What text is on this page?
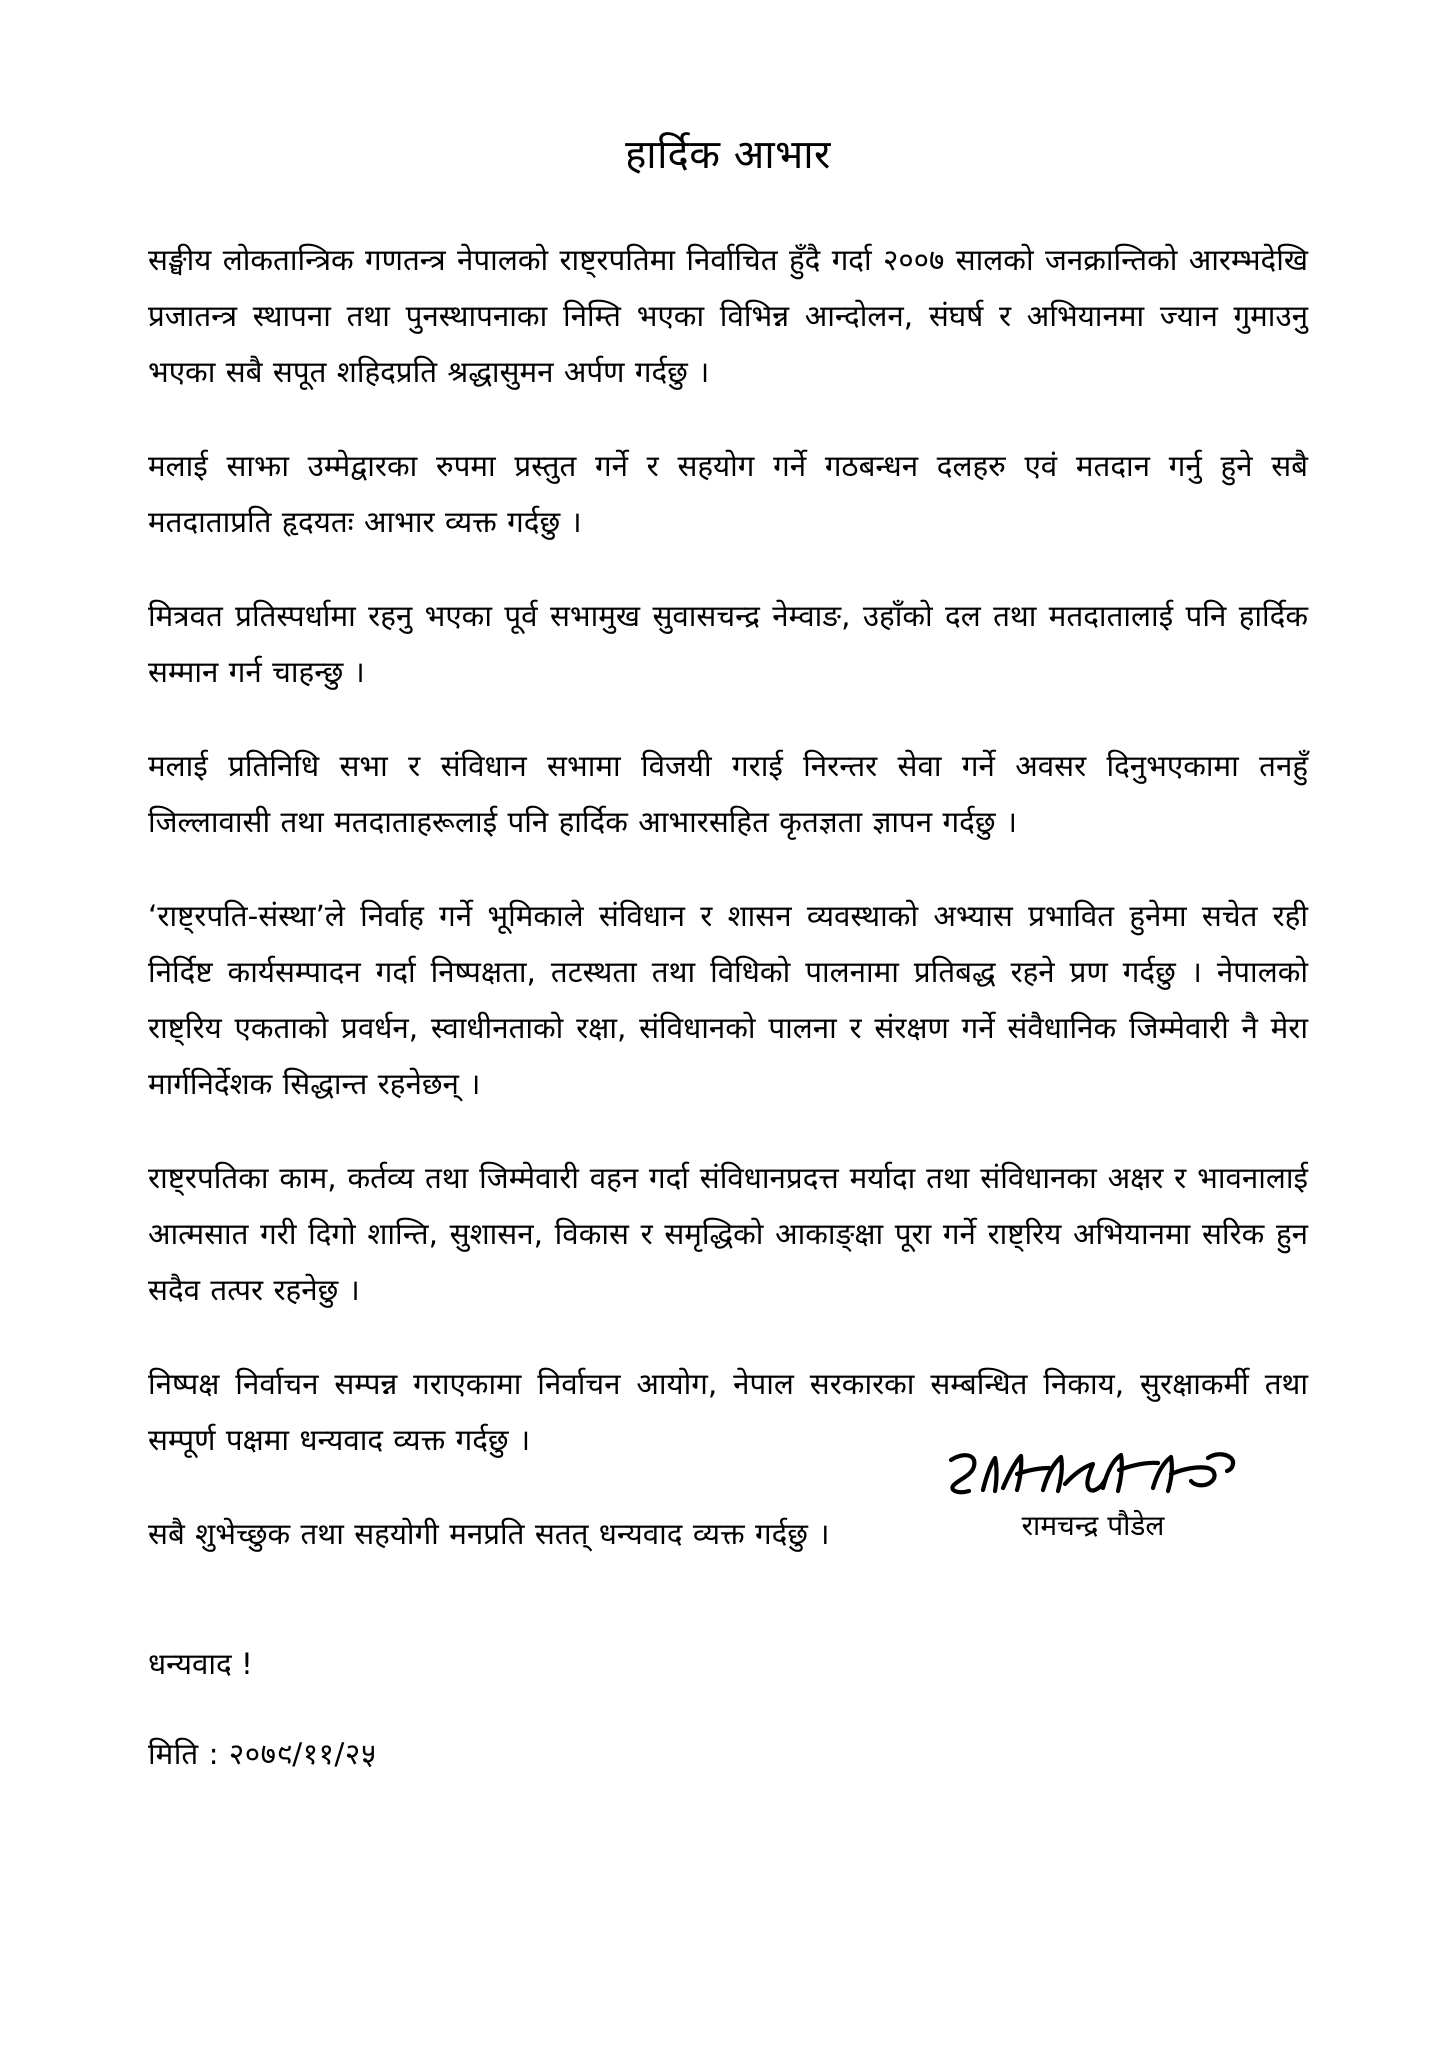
हार्दिक आभार

सङ्घीय लोकतान्त्रिक गणतन्त्र नेपालको राष्ट्रपतिमा निर्वाचित हुँदै गर्दा २००७ सालको जनक्रान्तिको आरम्भदेखि प्रजातन्त्र स्थापना तथा पुनस्थापनाका निम्ति भएका विभिन्न आन्दोलन, संघर्ष र अभियानमा ज्यान गुमाउनु भएका सबै सपूत शहिदप्रति श्रद्धासुमन अर्पण गर्दछु ।

मलाई साझा उम्मेद्वारका रुपमा प्रस्तुत गर्ने र सहयोग गर्ने गठबन्धन दलहरु एवं मतदान गर्नु हुने सबै मतदाताप्रति हृदयतः आभार व्यक्त गर्दछु ।

मित्रवत प्रतिस्पर्धामा रहनु भएका पूर्व सभामुख सुवासचन्द्र नेम्वाङ, उहाँको दल तथा मतदातालाई पनि हार्दिक सम्मान गर्न चाहन्छु ।

मलाई प्रतिनिधि सभा र संविधान सभामा विजयी गराई निरन्तर सेवा गर्ने अवसर दिनुभएकामा तनहुँ जिल्लावासी तथा मतदाताहरूलाई पनि हार्दिक आभारसहित कृतज्ञता ज्ञापन गर्दछु ।

‘राष्ट्रपति-संस्था’ले निर्वाह गर्ने भूमिकाले संविधान र शासन व्यवस्थाको अभ्यास प्रभावित हुनेमा सचेत रही निर्दिष्ट कार्यसम्पादन गर्दा निष्पक्षता, तटस्थता तथा विधिको पालनामा प्रतिबद्ध रहने प्रण गर्दछु । नेपालको राष्ट्रिय एकताको प्रवर्धन, स्वाधीनताको रक्षा, संविधानको पालना र संरक्षण गर्ने संवैधानिक जिम्मेवारी नै मेरा मार्गनिर्देशक सिद्धान्त रहनेछन् ।

राष्ट्रपतिका काम, कर्तव्य तथा जिम्मेवारी वहन गर्दा संविधानप्रदत्त मर्यादा तथा संविधानका अक्षर र भावनालाई आत्मसात गरी दिगो शान्ति, सुशासन, विकास र समृद्धिको आकाङ्क्षा पूरा गर्ने राष्ट्रिय अभियानमा सरिक हुन सदैव तत्पर रहनेछु ।

निष्पक्ष निर्वाचन सम्पन्न गराएकामा निर्वाचन आयोग, नेपाल सरकारका सम्बन्धित निकाय, सुरक्षाकर्मी तथा सम्पूर्ण पक्षमा धन्यवाद व्यक्त गर्दछु ।

सबै शुभेच्छुक तथा सहयोगी मनप्रति सतत् धन्यवाद व्यक्त गर्दछु ।

धन्यवाद !

मिति : २०७९/११/२५

रामचन्द्र पौडेल
